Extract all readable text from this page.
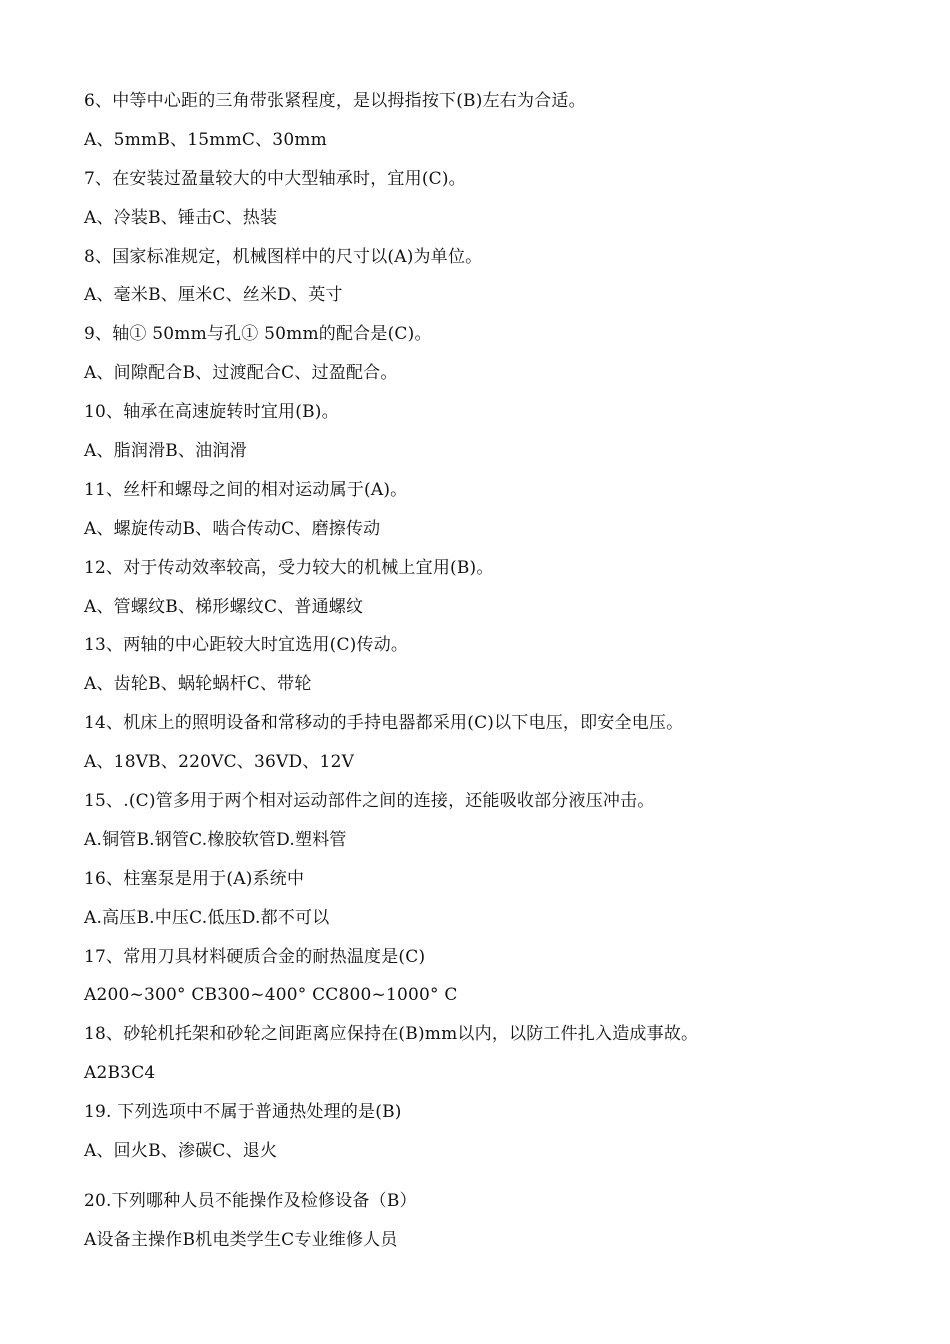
6、中等中心距的三角带张紧程度，是以拇指按下(B)左右为合适。
A、5mmB、15mmC、30mm
7、在安装过盈量较大的中大型轴承时，宜用(C)。
A、冷装B、锤击C、热装
8、国家标准规定，机械图样中的尺寸以(A)为单位。
A、毫米B、厘米C、丝米D、英寸
9、轴① 50mm与孔① 50mm的配合是(C)。
A、间隙配合B、过渡配合C、过盈配合。
10、轴承在高速旋转时宜用(B)。
A、脂润滑B、油润滑
11、丝杆和螺母之间的相对运动属于(A)。
A、螺旋传动B、啮合传动C、磨擦传动
12、对于传动效率较高，受力较大的机械上宜用(B)。
A、管螺纹B、梯形螺纹C、普通螺纹
13、两轴的中心距较大时宜选用(C)传动。
A、齿轮B、蜗轮蜗杆C、带轮
14、机床上的照明设备和常移动的手持电器都采用(C)以下电压，即安全电压。
A、18VB、220VC、36VD、12V
15、.(C)管多用于两个相对运动部件之间的连接，还能吸收部分液压冲击。
A.铜管B.钢管C.橡胶软管D.塑料管
16、柱塞泵是用于(A)系统中
A.高压B.中压C.低压D.都不可以
17、常用刀具材料硬质合金的耐热温度是(C)
A200~300° CB300~400° CC800~1000° C
18、砂轮机托架和砂轮之间距离应保持在(B)mm以内，以防工件扎入造成事故。
A2B3C4
19. 下列选项中不属于普通热处理的是(B)
A、回火B、渗碳C、退火
20.下列哪种人员不能操作及检修设备（B）
A设备主操作B机电类学生C专业维修人员
